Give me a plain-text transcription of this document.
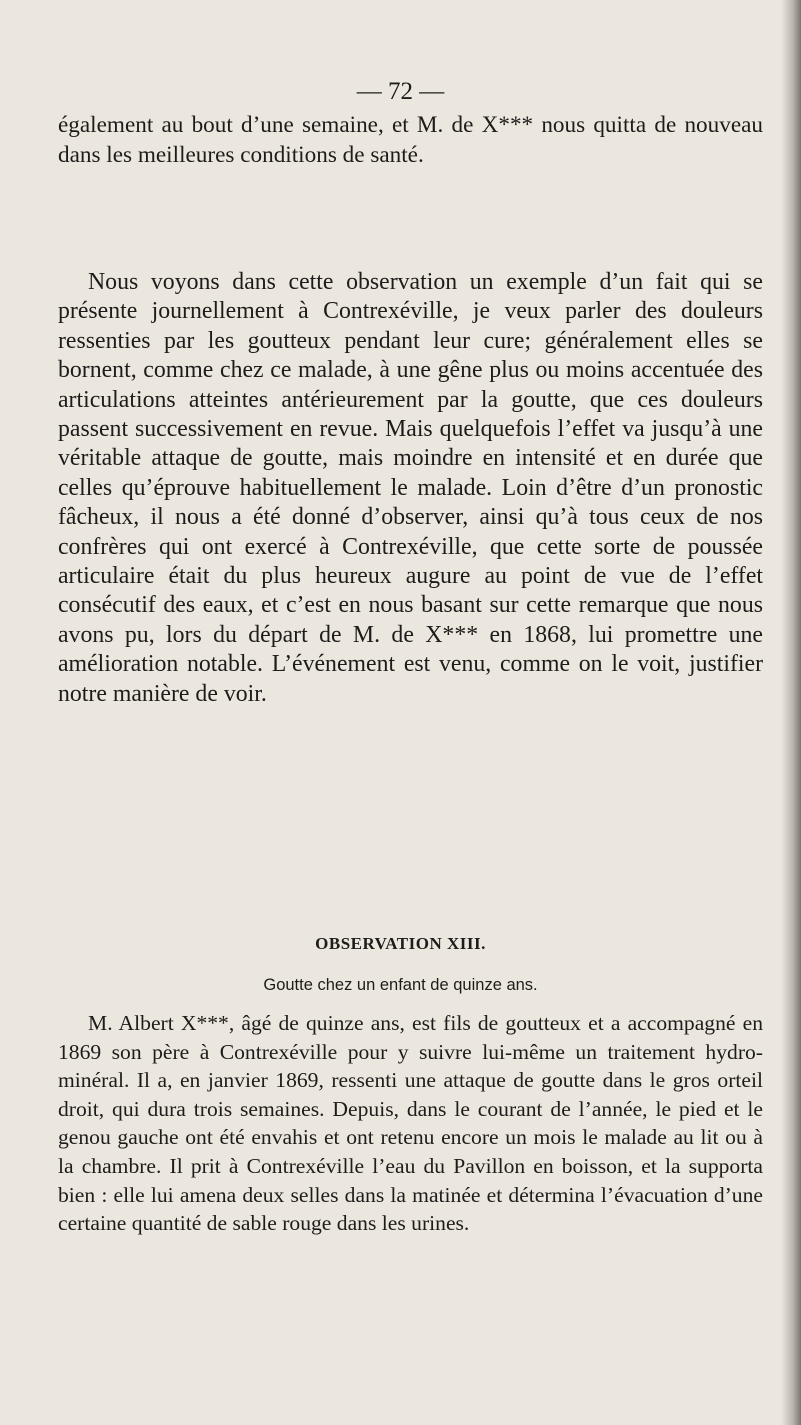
— 72 —

également au bout d’une semaine, et M. de X*** nous quitta de nouveau dans les meilleures conditions de santé.

Nous voyons dans cette observation un exemple d’un fait qui se présente journellement à Contrexéville, je veux parler des douleurs ressenties par les goutteux pendant leur cure; généralement elles se bornent, comme chez ce malade, à une gêne plus ou moins accentuée des articulations atteintes antérieurement par la goutte, que ces douleurs passent successivement en revue. Mais quelquefois l’effet va jusqu’à une véritable attaque de goutte, mais moindre en intensité et en durée que celles qu’éprouve habituellement le malade. Loin d’être d’un pronostic fâcheux, il nous a été donné d’observer, ainsi qu’à tous ceux de nos confrères qui ont exercé à Contrexéville, que cette sorte de poussée articulaire était du plus heureux augure au point de vue de l’effet consécutif des eaux, et c’est en nous basant sur cette remarque que nous avons pu, lors du départ de M. de X*** en 1868, lui promettre une amélioration notable. L’événement est venu, comme on le voit, justifier notre manière de voir.

OBSERVATION XIII.
Goutte chez un enfant de quinze ans.

M. Albert X***, âgé de quinze ans, est fils de goutteux et a accompagné en 1869 son père à Contrexéville pour y suivre lui-même un traitement hydro-minéral. Il a, en janvier 1869, ressenti une attaque de goutte dans le gros orteil droit, qui dura trois semaines. Depuis, dans le courant de l’année, le pied et le genou gauche ont été envahis et ont retenu encore un mois le malade au lit ou à la chambre. Il prit à Contrexéville l’eau du Pavillon en boisson, et la supporta bien : elle lui amena deux selles dans la matinée et détermina l’évacuation d’une certaine quantité de sable rouge dans les urines.
